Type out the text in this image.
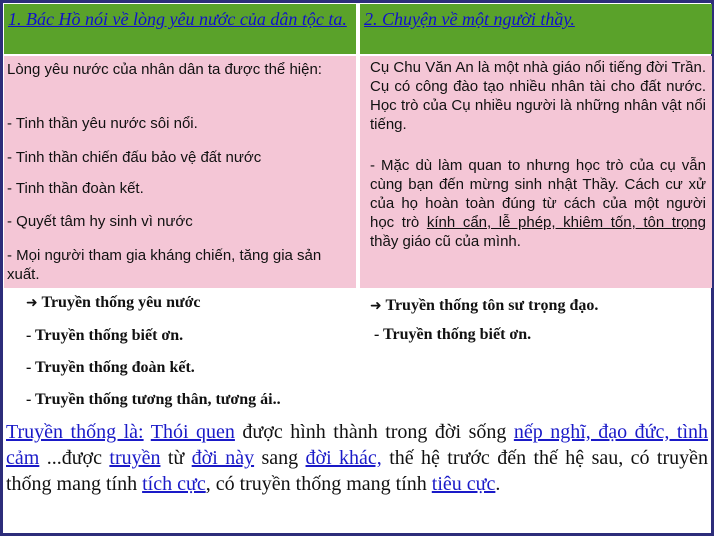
1. Bác Hồ nói về lòng yêu nước của dân tộc ta. 2. Chuyện về một người thầy.

Lòng yêu nước của nhân dân ta được thể hiện:

- Tinh thần yêu nước sôi nổi.

- Tinh thần chiến đấu bảo vệ đất nước

- Tinh thần đoàn kết.

- Quyết tâm hy sinh vì nước

- Mọi người tham gia kháng chiến, tăng gia sản xuất.

Cụ Chu Văn An là một nhà giáo nổi tiếng đời Trần. Cụ có công đào tạo nhiều nhân tài cho đất nước. Học trò của Cụ nhiều người là những nhân vật nổi tiếng.

- Mặc dù làm quan to nhưng học trò của cụ vẫn cùng bạn đến mừng sinh nhật Thầy. Cách cư xử của họ hoàn toàn đúng từ cách của một người học trò kính cẩn, lễ phép, khiêm tốn, tôn trọng thầy giáo cũ của mình.

➜ Truyền thống yêu nước
- Truyền thống biết ơn.
- Truyền thống đoàn kết.
- Truyền thống tương thân, tương ái..
➜ Truyền thống tôn sư trọng đạo.
- Truyền thống biết ơn.
Truyền thống là: Thói quen được hình thành trong đời sống nếp nghĩ, đạo đức, tình cảm ...được truyền từ đời này sang đời khác, thế hệ trước đến thế hệ sau, có truyền thống mang tính tích cực, có truyền thống mang tính tiêu cực.
